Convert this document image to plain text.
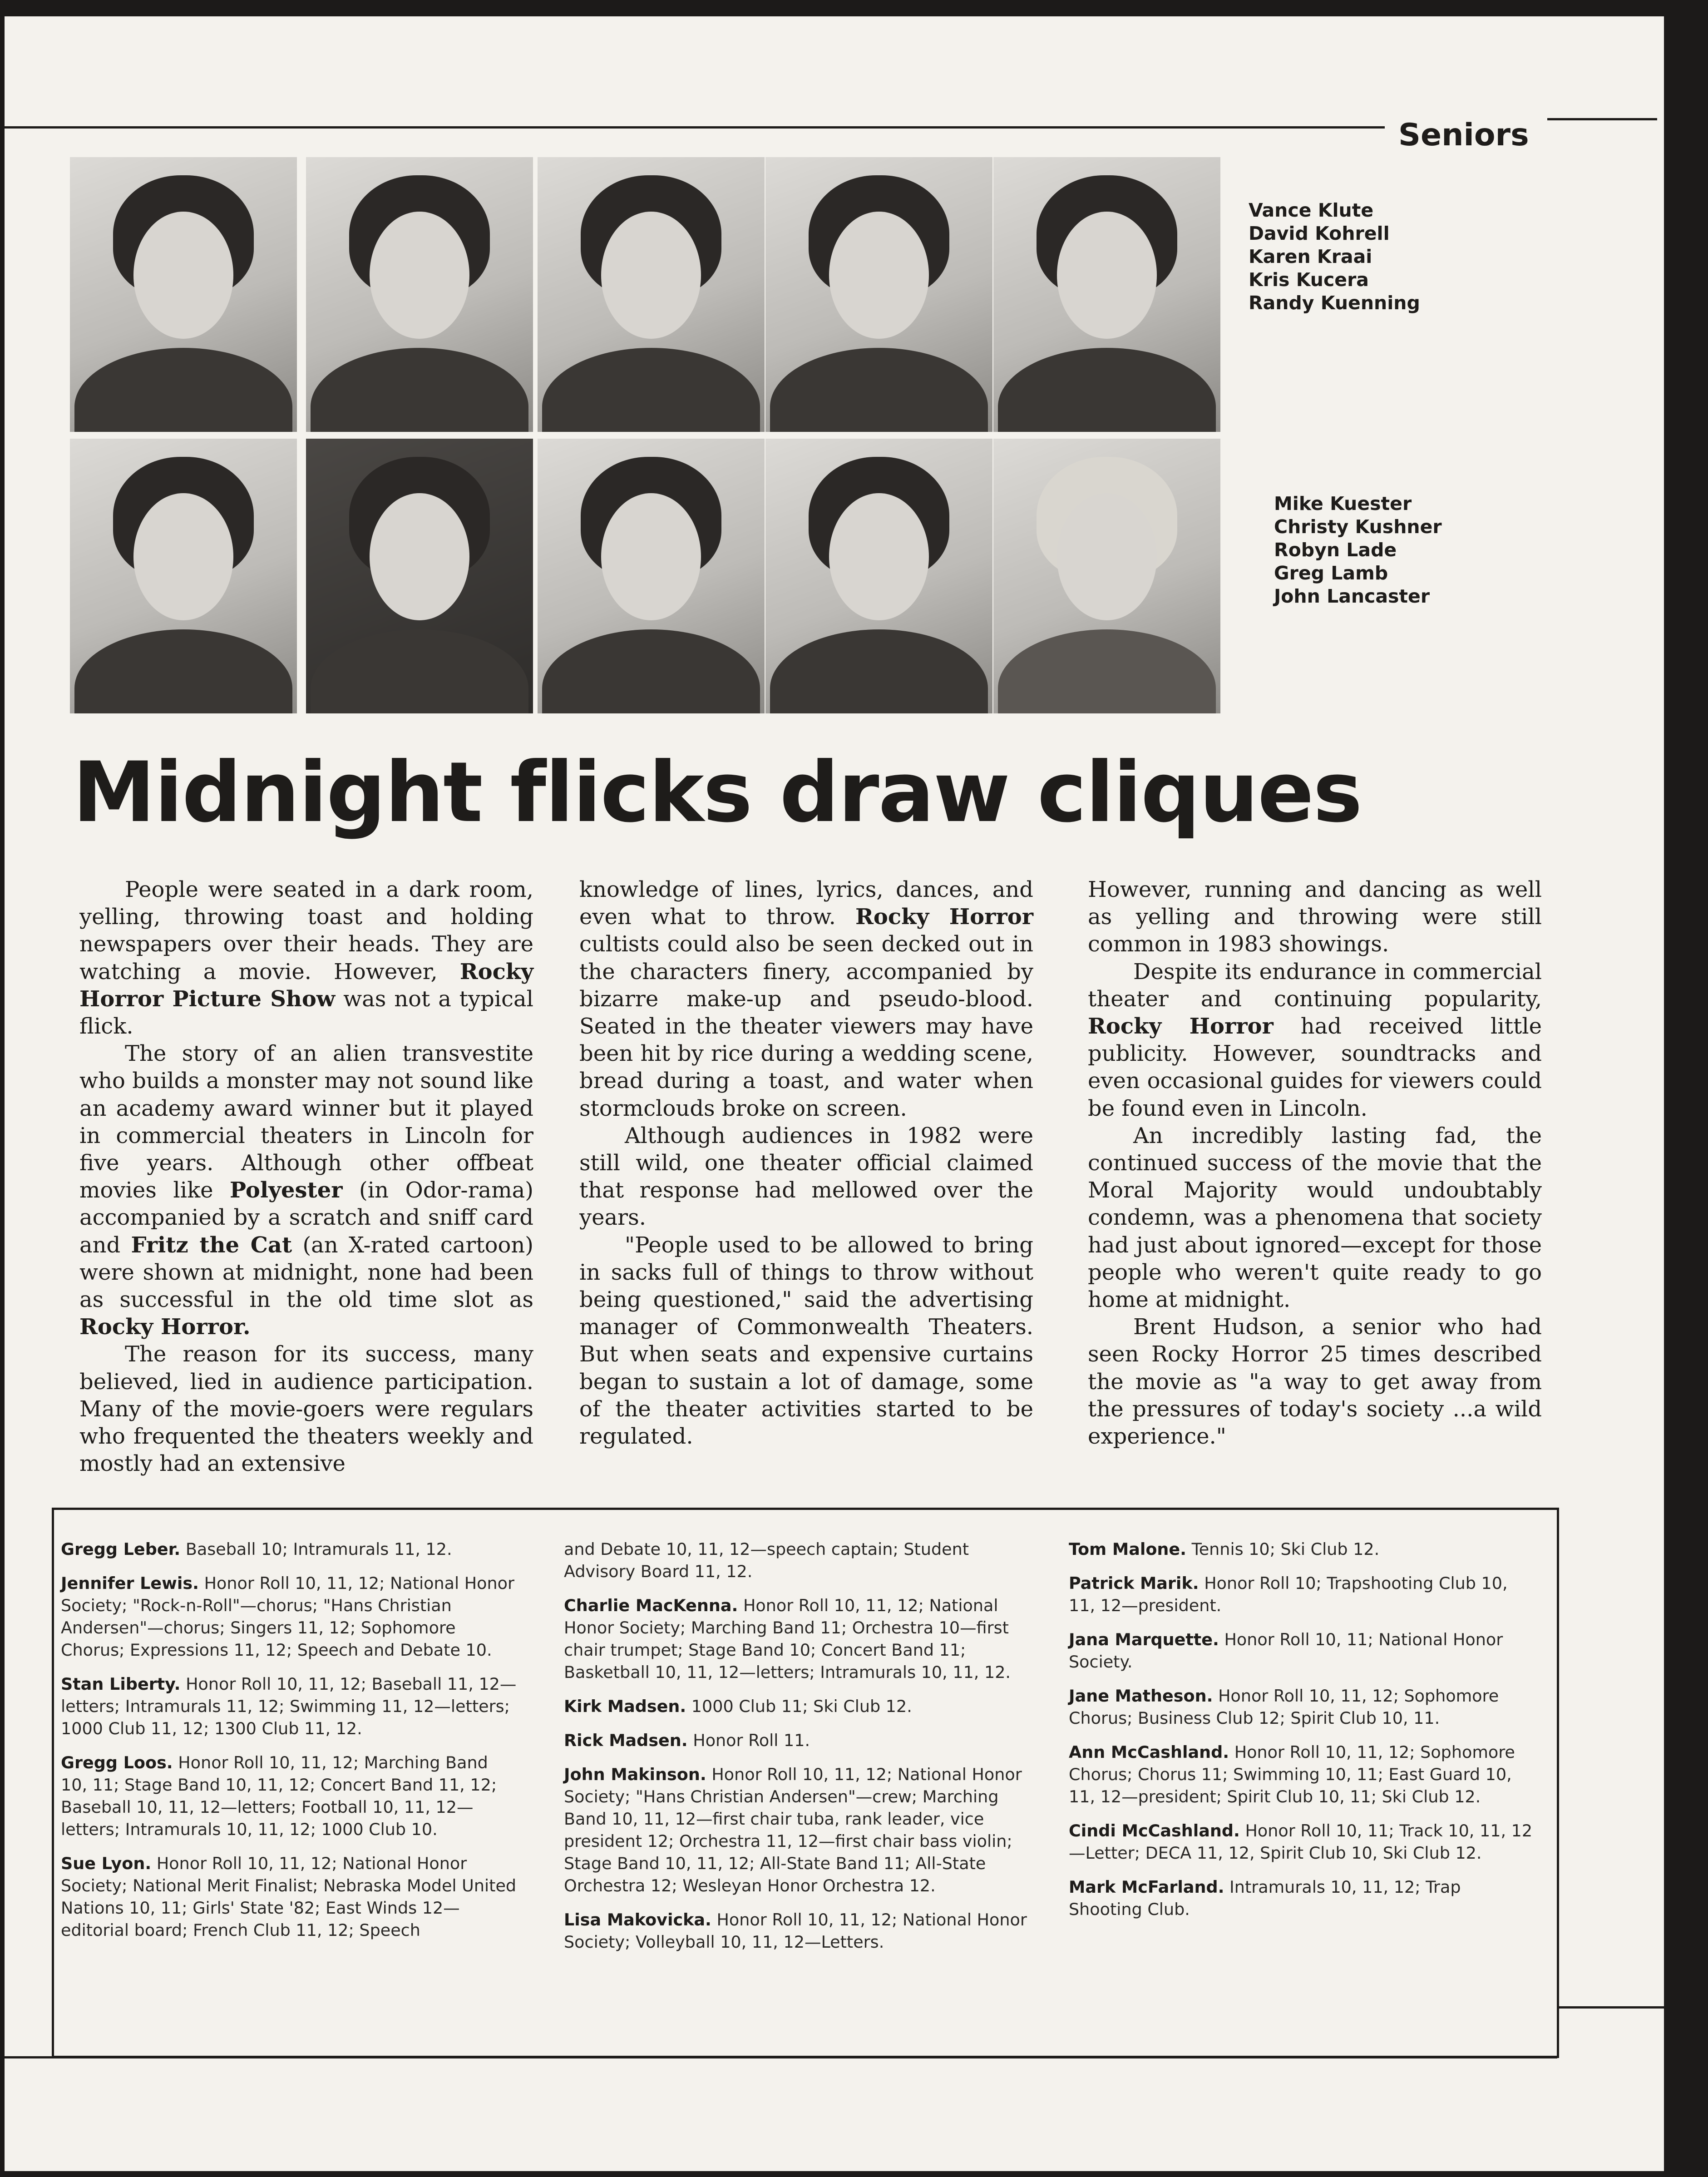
Seniors
Vance Klute
David Kohrell
Karen Kraai
Kris Kucera
Randy Kuenning
Mike Kuester
Christy Kushner
Robyn Lade
Greg Lamb
John Lancaster
Midnight flicks draw cliques

People were seated in a dark room, yelling, throwing toast and holding newspapers over their heads. They are watching a movie. However, Rocky Horror Picture Show was not a typical flick.

The story of an alien transvestite who builds a monster may not sound like an academy award winner but it played in commercial theaters in Lincoln for five years. Although other offbeat movies like Polyester (in Odor-rama) accompanied by a scratch and sniff card and Fritz the Cat (an X-rated cartoon) were shown at midnight, none had been as successful in the old time slot as Rocky Horror.

The reason for its success, many believed, lied in audience participation. Many of the movie-goers were regulars who frequented the theaters weekly and mostly had an extensive

knowledge of lines, lyrics, dances, and even what to throw. Rocky Horror cultists could also be seen decked out in the characters finery, accompanied by bizarre make-up and pseudo-blood. Seated in the theater viewers may have been hit by rice during a wedding scene, bread during a toast, and water when stormclouds broke on screen.

Although audiences in 1982 were still wild, one theater official claimed that response had mellowed over the years.

"People used to be allowed to bring in sacks full of things to throw without being questioned," said the advertising manager of Commonwealth Theaters. But when seats and expensive curtains began to sustain a lot of damage, some of the theater activities started to be regulated.

However, running and dancing as well as yelling and throwing were still common in 1983 showings.

Despite its endurance in commercial theater and continuing popularity, Rocky Horror had received little publicity. However, soundtracks and even occasional guides for viewers could be found even in Lincoln.

An incredibly lasting fad, the continued success of the movie that the Moral Majority would undoubtably condemn, was a phenomena that society had just about ignored—except for those people who weren't quite ready to go home at midnight.

Brent Hudson, a senior who had seen Rocky Horror 25 times described the movie as "a way to get away from the pressures of today's society ...a wild experience."

Gregg Leber. Baseball 10; Intramurals 11, 12.
Jennifer Lewis. Honor Roll 10, 11, 12; National Honor Society; "Rock-n-Roll"—chorus; "Hans Christian Andersen"—chorus; Singers 11, 12; Sophomore Chorus; Expressions 11, 12; Speech and Debate 10.
Stan Liberty. Honor Roll 10, 11, 12; Baseball 11, 12—letters; Intramurals 11, 12; Swimming 11, 12—letters; 1000 Club 11, 12; 1300 Club 11, 12.
Gregg Loos. Honor Roll 10, 11, 12; Marching Band 10, 11; Stage Band 10, 11, 12; Concert Band 11, 12; Baseball 10, 11, 12—letters; Football 10, 11, 12—letters; Intramurals 10, 11, 12; 1000 Club 10.
Sue Lyon. Honor Roll 10, 11, 12; National Honor Society; National Merit Finalist; Nebraska Model United Nations 10, 11; Girls' State '82; East Winds 12—editorial board; French Club 11, 12; Speech
and Debate 10, 11, 12—speech captain; Student Advisory Board 11, 12.
Charlie MacKenna. Honor Roll 10, 11, 12; National Honor Society; Marching Band 11; Orchestra 10—first chair trumpet; Stage Band 10; Concert Band 11; Basketball 10, 11, 12—letters; Intramurals 10, 11, 12.
Kirk Madsen. 1000 Club 11; Ski Club 12.
Rick Madsen. Honor Roll 11.
John Makinson. Honor Roll 10, 11, 12; National Honor Society; "Hans Christian Andersen"—crew; Marching Band 10, 11, 12—first chair tuba, rank leader, vice president 12; Orchestra 11, 12—first chair bass violin; Stage Band 10, 11, 12; All-State Band 11; All-State Orchestra 12; Wesleyan Honor Orchestra 12.
Lisa Makovicka. Honor Roll 10, 11, 12; National Honor Society; Volleyball 10, 11, 12—Letters.
Tom Malone. Tennis 10; Ski Club 12.
Patrick Marik. Honor Roll 10; Trapshooting Club 10, 11, 12—president.
Jana Marquette. Honor Roll 10, 11; National Honor Society.
Jane Matheson. Honor Roll 10, 11, 12; Sophomore Chorus; Business Club 12; Spirit Club 10, 11.
Ann McCashland. Honor Roll 10, 11, 12; Sophomore Chorus; Chorus 11; Swimming 10, 11; East Guard 10, 11, 12—president; Spirit Club 10, 11; Ski Club 12.
Cindi McCashland. Honor Roll 10, 11; Track 10, 11, 12—Letter; DECA 11, 12, Spirit Club 10, Ski Club 12.
Mark McFarland. Intramurals 10, 11, 12; Trap Shooting Club.
